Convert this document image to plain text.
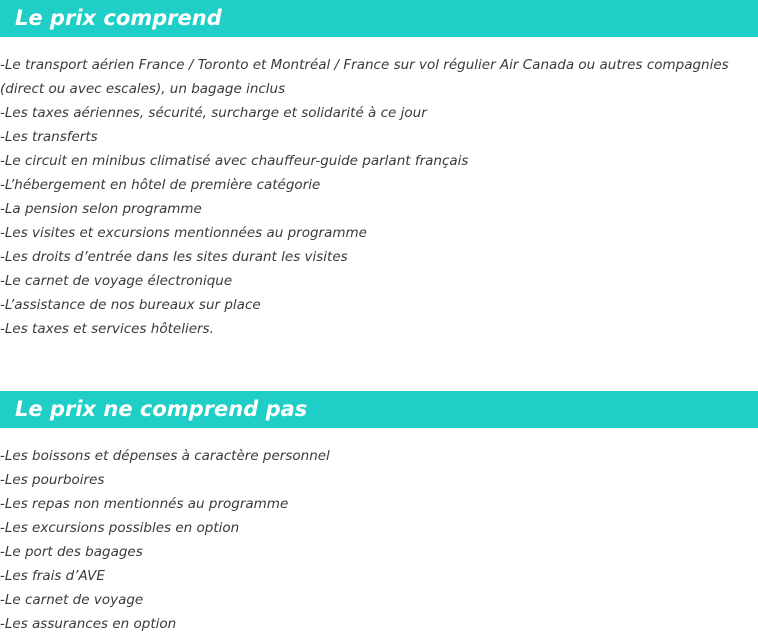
Le prix comprend
-Le transport aérien France / Toronto et Montréal / France sur vol régulier Air Canada ou autres compagnies (direct ou avec escales), un bagage inclus
-Les taxes aériennes, sécurité, surcharge et solidarité à ce jour
-Les transferts
-Le circuit en minibus climatisé avec chauffeur-guide parlant français
-L’hébergement en hôtel de première catégorie
-La pension selon programme
-Les visites et excursions mentionnées au programme
-Les droits d’entrée dans les sites durant les visites
-Le carnet de voyage électronique
-L’assistance de nos bureaux sur place
-Les taxes et services hôteliers.
Le prix ne comprend pas
-Les boissons et dépenses à caractère personnel
-Les pourboires
-Les repas non mentionnés au programme
-Les excursions possibles en option
-Le port des bagages
-Les frais d’AVE
-Le carnet de voyage
-Les assurances en option
